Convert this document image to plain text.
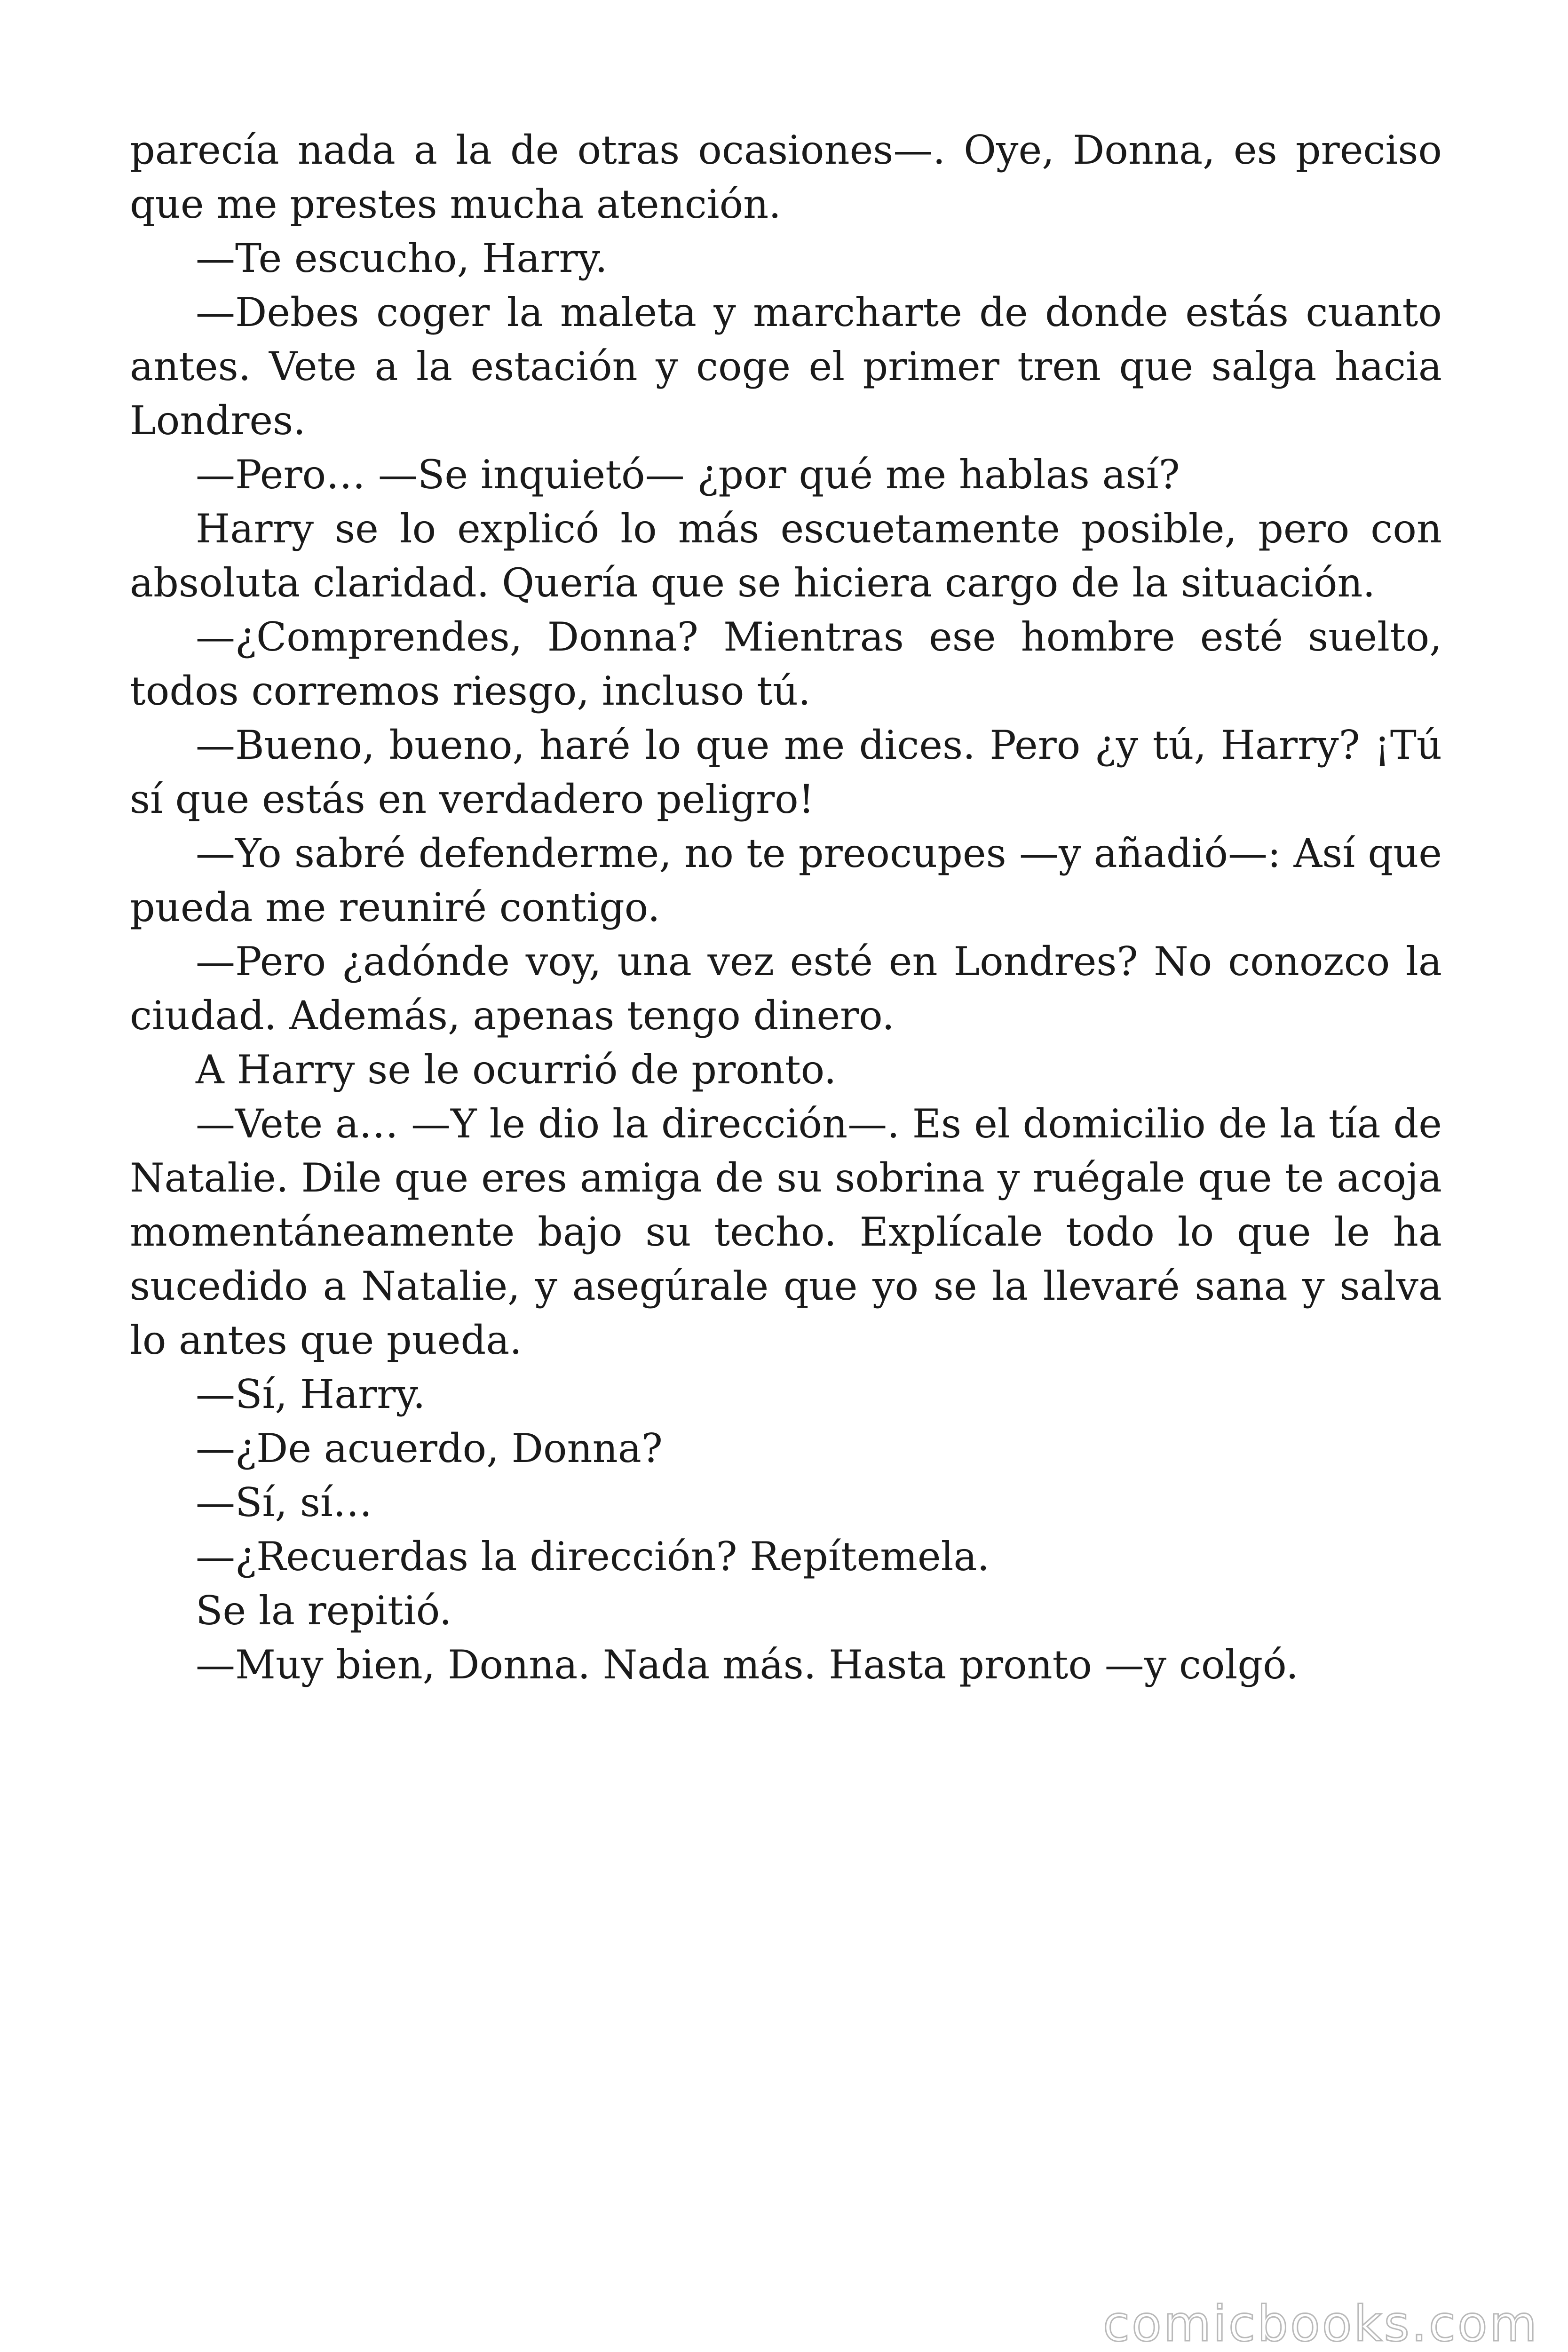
parecía nada a la de otras ocasiones—. Oye, Donna, es preciso que me prestes mucha atención.

—Te escucho, Harry.

—Debes coger la maleta y marcharte de donde estás cuanto antes. Vete a la estación y coge el primer tren que salga hacia Londres.

—Pero… —Se inquietó— ¿por qué me hablas así?

Harry se lo explicó lo más escuetamente posible, pero con absoluta claridad. Quería que se hiciera cargo de la situación.

—¿Comprendes, Donna? Mientras ese hombre esté suelto, todos corremos riesgo, incluso tú.

—Bueno, bueno, haré lo que me dices. Pero ¿y tú, Harry? ¡Tú sí que estás en verdadero peligro!

—Yo sabré defenderme, no te preocupes —y añadió—: Así que pueda me reuniré contigo.

—Pero ¿adónde voy, una vez esté en Londres? No conozco la ciudad. Además, apenas tengo dinero.

A Harry se le ocurrió de pronto.

—Vete a… —Y le dio la dirección—. Es el domicilio de la tía de Natalie. Dile que eres amiga de su sobrina y ruégale que te acoja momentáneamente bajo su techo. Explícale todo lo que le ha sucedido a Natalie, y asegúrale que yo se la llevaré sana y salva lo antes que pueda.

—Sí, Harry.

—¿De acuerdo, Donna?

—Sí, sí…

—¿Recuerdas la dirección? Repítemela.

Se la repitió.

—Muy bien, Donna. Nada más. Hasta pronto —y colgó.

comicbooks.com
